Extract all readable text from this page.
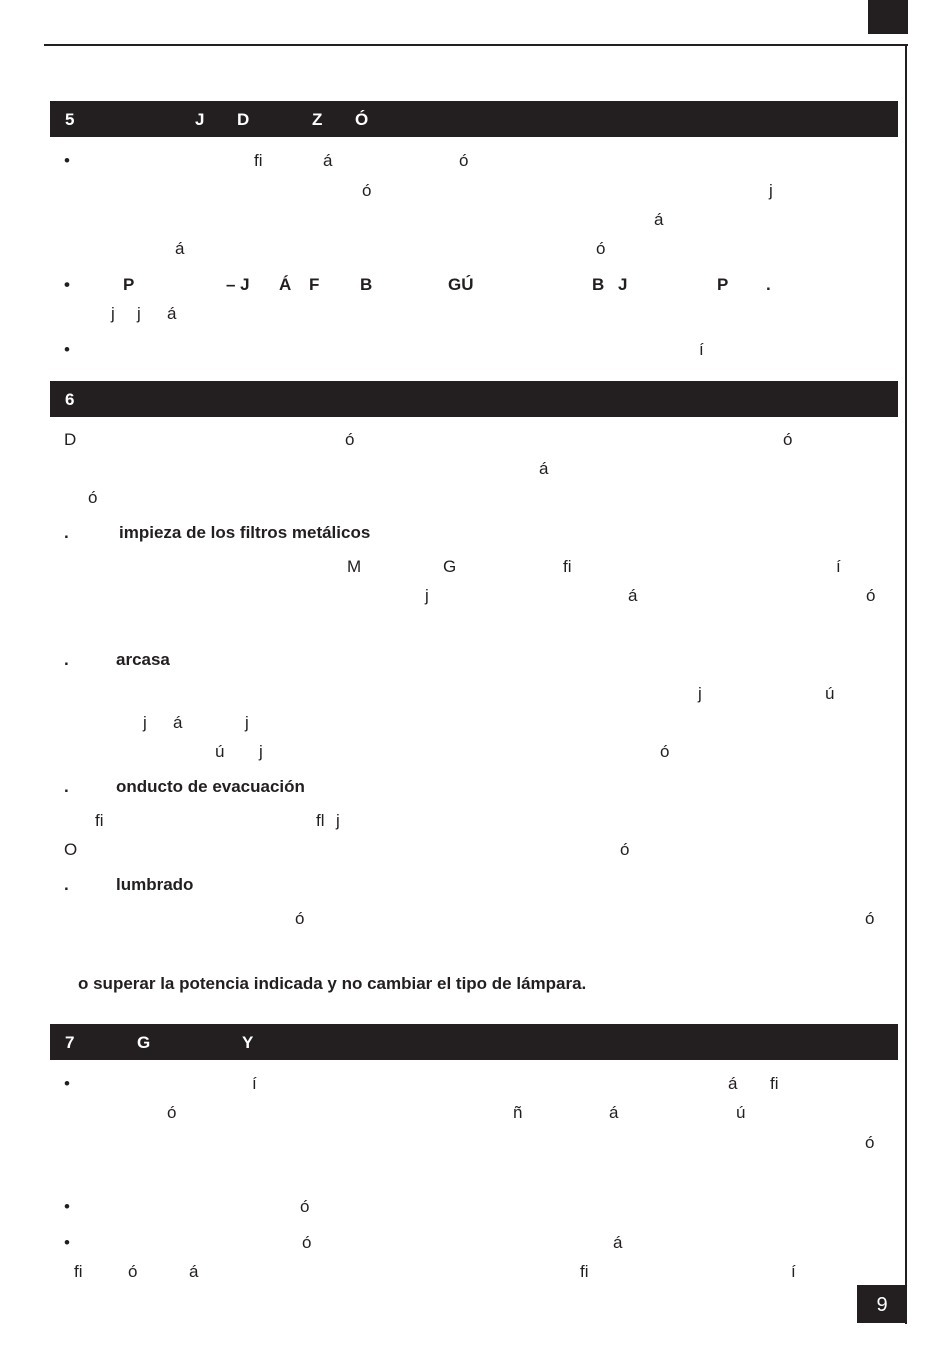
5	J D	Z Ó
•	fi	á	ó
ó	j
á
á	ó
•	P	– J Á F B	GÚ	B J	P .
j j á
•	í
6
D	ó	ó
á
ó
.	impieza de los filtros metálicos
M	G	fi	í
j	á	ó
.	arcasa
j	ú
j á	j
ú j	ó
.	onducto de evacuación
fi	fl j
O	ó
.	lumbrado
ó	ó
o superar la potencia indicada y no cambiar el tipo de lámpara.
7	G	Y
•	í	á fi
ó	ñ	á	ú
ó
•	ó
•	ó	á
fi	ó	á	fi	í
9
